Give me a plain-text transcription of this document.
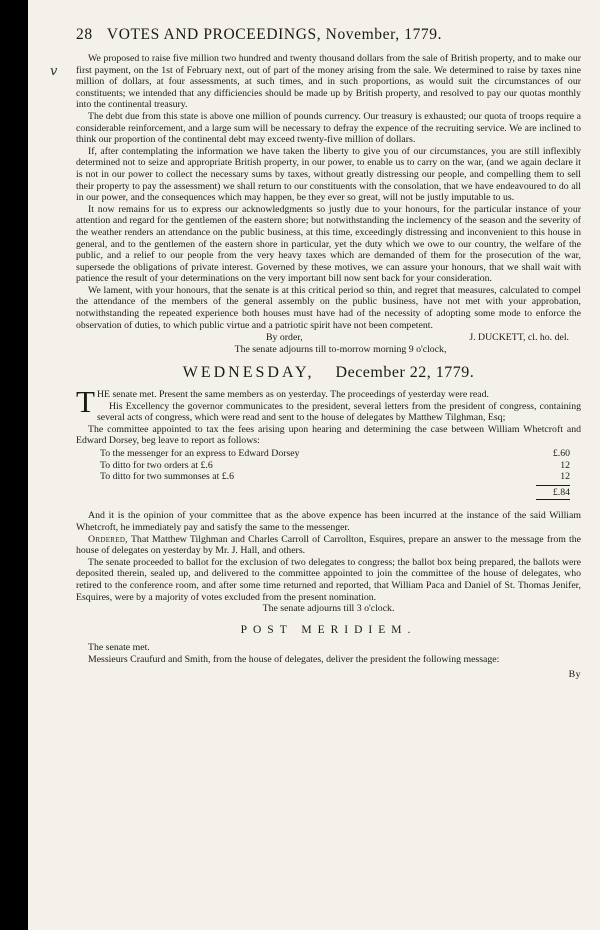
v
28 VOTES AND PROCEEDINGS, November, 1779.

We proposed to raise five million two hundred and twenty thousand dollars from the sale of British property, and to make our first payment, on the 1st of February next, out of part of the money arising from the sale. We determined to raise by taxes nine million of dollars, at four assessments, at such times, and in such proportions, as would suit the circumstances of our constituents; we intended that any difficiencies should be made up by British property, and resolved to pay our quotas monthly into the continental treasury.

The debt due from this state is above one million of pounds currency. Our treasury is exhausted; our quota of troops require a considerable reinforcement, and a large sum will be necessary to defray the expence of the recruiting service. We are inclined to think our proportion of the continental debt may exceed twenty-five million of dollars.

If, after contemplating the information we have taken the liberty to give you of our circumstances, you are still inflexibly determined not to seize and appropriate British property, in our power, to enable us to carry on the war, (and we again declare it is not in our power to collect the necessary sums by taxes, without greatly distressing our people, and compelling them to sell their property to pay the assessment) we shall return to our constituents with the consolation, that we have endeavoured to do all in our power, and the consequences which may happen, be they ever so great, will not be justly imputable to us.

It now remains for us to express our acknowledgments so justly due to your honours, for the particular instance of your attention and regard for the gentlemen of the eastern shore; but notwithstanding the inclemency of the season and the severity of the weather renders an attendance on the public business, at this time, exceedingly distressing and inconvenient to this house in general, and to the gentlemen of the eastern shore in particular, yet the duty which we owe to our country, the welfare of the public, and a relief to our people from the very heavy taxes which are demanded of them for the prosecution of the war, supersede the obligations of private interest. Governed by these motives, we can assure your honours, that we shall wait with patience the result of your determinations on the very important bill now sent back for your consideration.

We lament, with your honours, that the senate is at this critical period so thin, and regret that measures, calculated to compel the attendance of the members of the general assembly on the public business, have not met with your approbation, notwithstanding the repeated experience both houses must have had of the necessity of adopting some mode to enforce the observation of duties, to which public virtue and a patriotic spirit have not been competent.

By order,	J. DUCKETT, cl. ho. del.

The senate adjourns till to-morrow morning 9 o'clock,

WEDNESDAY, December 22, 1779.

T HE senate met. Present the same members as on yesterday. The proceedings of yesterday were read.

His Excellency the governor communicates to the president, several letters from the president of congress, containing several acts of congress, which were read and sent to the house of delegates by Matthew Tilghman, Esq;

The committee appointed to tax the fees arising upon hearing and determining the case between William Whetcroft and Edward Dorsey, beg leave to report as follows:

To the messenger for an express to Edward Dorsey	£.60
To ditto for two orders at £.6	12
To ditto for two summonses at £.6	12
£.84

And it is the opinion of your committee that as the above expence has been incurred at the instance of the said William Whetcroft, he immediately pay and satisfy the same to the messenger.

Ordered, That Matthew Tilghman and Charles Carroll of Carrollton, Esquires, prepare an answer to the message from the house of delegates on yesterday by Mr. J. Hall, and others.

The senate proceeded to ballot for the exclusion of two delegates to congress; the ballot box being prepared, the ballots were deposited therein, sealed up, and delivered to the committee appointed to join the committee of the house of delegates, who retired to the conference room, and after some time returned and reported, that William Paca and Daniel of St. Thomas Jenifer, Esquires, were by a majority of votes excluded from the present nomination.

The senate adjourns till 3 o'clock.

POST MERIDIEM.

The senate met.

Messieurs Craufurd and Smith, from the house of delegates, deliver the president the following message:

By
